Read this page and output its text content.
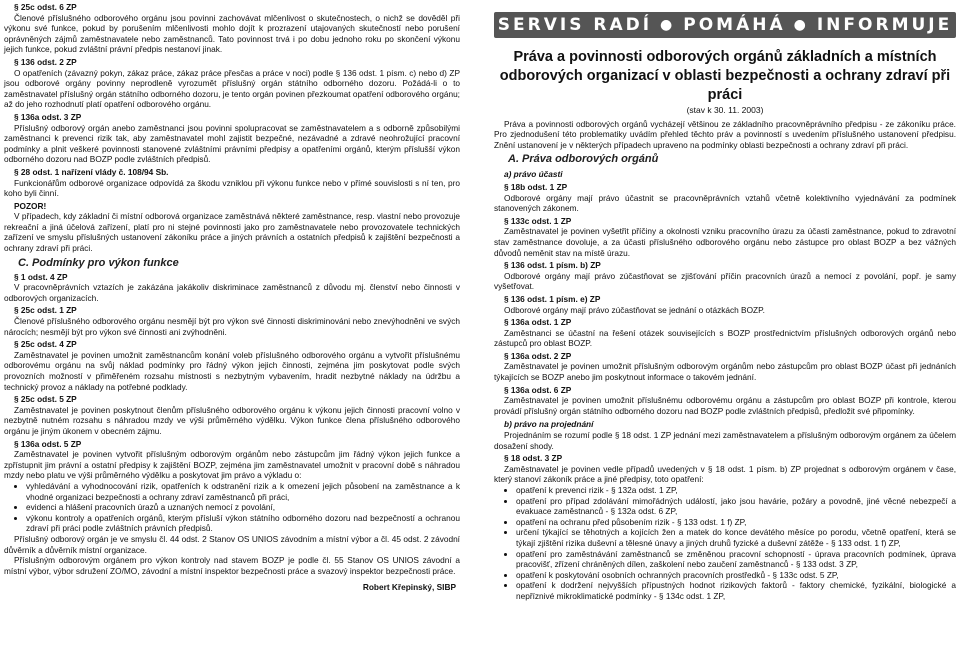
§ 25c odst. 6 ZP

Členové příslušného odborového orgánu jsou povinni zachovávat mlčenlivost o skutečnostech, o nichž se dověděl při výkonu své funkce, pokud by porušením mlčenlivosti mohlo dojít k prozrazení utajovaných skutečností nebo porušení oprávněných zájmů zaměstnavatele nebo zaměstnanců. Tato povinnost trvá i po dobu jednoho roku po skončení výkonu jejich funkce, pokud zvláštní právní předpis nestanoví jinak.

§ 136 odst. 2 ZP

O opatřeních (závazný pokyn, zákaz práce, zákaz práce přesčas a práce v noci) podle § 136 odst. 1 písm. c) nebo d) ZP jsou odborové orgány povinny neprodleně vyrozumět příslušný orgán státního odborného dozoru. Požádá-li o to zaměstnavatel příslušný orgán státního odborného dozoru, je tento orgán povinen přezkoumat opatření odborového orgánu; až do jeho rozhodnutí platí opatření odborového orgánu.

§ 136a odst. 3 ZP

Příslušný odborový orgán anebo zaměstnanci jsou povinni spolupracovat se zaměstnavatelem a s odborně způsobilými zaměstnanci k prevenci rizik tak, aby zaměstnavatel mohl zajistit bezpečné, nezávadné a zdravé neohrožující pracovní podmínky a plnit veškeré povinnosti stanovené zvláštními právními předpisy a opatřeními orgánů, kterým příslušší výkon odborného dozoru nad BOZP podle zvláštních předpisů.

§ 28 odst. 1 nařízení vlády č. 108/94 Sb.

Funkcionářům odborové organizace odpovídá za škodu vzniklou při výkonu funkce nebo v přímé souvislosti s ní ten, pro koho byli činní.

POZOR!

V případech, kdy základní či místní odborová organizace zaměstnává některé zaměstnance, resp. vlastní nebo provozuje rekreační a jiná účelová zařízení, platí pro ni stejné povinnosti jako pro zaměstnavatele nebo provozovatele technických zařízení ve smyslu příslušných ustanovení zákoníku práce a jiných právních a ostatních předpisů k zajištění bezpečnosti a ochrany zdraví při práci.

C. Podmínky pro výkon funkce

§ 1 odst. 4 ZP

V pracovněprávních vztazích je zakázána jakákoliv diskriminace zaměstnanců z důvodu mj. členství nebo činnosti v odborových organizacích.

§ 25c odst. 1 ZP

Členové příslušného odborového orgánu nesmějí být pro výkon své činnosti diskriminováni nebo znevýhodněni ve svých nárocích; nesmějí být pro výkon své činnosti ani zvýhodněni.

§ 25c odst. 4 ZP

Zaměstnavatel je povinen umožnit zaměstnancům konání voleb příslušného odborového orgánu a vytvořit příslušnému odborovému orgánu na svůj náklad podmínky pro řádný výkon jejich činnosti, zejména jim poskytovat podle svých provozních možností v přiměřeném rozsahu místnosti s nezbytným vybavením, hradit nezbytné náklady na údržbu a technický provoz a náklady na potřebné podklady.

§ 25c odst. 5 ZP

Zaměstnavatel je povinen poskytnout členům příslušného odborového orgánu k výkonu jejich činnosti pracovní volno v nezbytně nutném rozsahu s náhradou mzdy ve výši průměrného výdělku. Výkon funkce člena příslušného odborového orgánu je jiným úkonem v obecném zájmu.

§ 136a odst. 5 ZP

Zaměstnavatel je povinen vytvořit příslušným odborovým orgánům nebo zástupcům jim řádný výkon jejich funkce a zpřístupnit jim právní a ostatní předpisy k zajištění BOZP, zejména jim zaměstnavatel umožnit v pracovní době s náhradou mzdy nebo platu ve výši průměrného výdělku a poskytovat jim právo a výkladu o:

• vyhledávání a vyhodnocování rizik, opatřeních k odstranění rizik a k omezení jejich působení na zaměstnance a k vhodné organizaci bezpečnosti a ochrany zdraví zaměstnanců při práci,
• evidenci a hlášení pracovních úrazů a uznaných nemocí z povolání,
• výkonu kontroly a opatřeních orgánů, kterým přísluší výkon státního odborného dozoru nad bezpečností a ochranou zdraví při práci podle zvláštních právních předpisů.

Příslušný odborový orgán je ve smyslu čl. 44 odst. 2 Stanov OS UNIOS závodním a místní výbor a čl. 45 odst. 2 závodní důvěrník a důvěrník místní organizace.

Příslušným odborovým orgánem pro výkon kontroly nad stavem BOZP je podle čl. 55 Stanov OS UNIOS závodní a místní výbor, výbor sdružení ZO/MO, závodní a místní inspektor bezpečnosti práce a svazový inspektor bezpečnosti práce.

Robert Křepinský, SIBP

SERVIS RADÍ ● POMÁHÁ ● INFORMUJE

Práva a povinnosti odborových orgánů základních a místních odborových organizací v oblasti bezpečnosti a ochrany zdraví při práci

(stav k 30. 11. 2003)

Práva a povinnosti odborových orgánů vycházejí většinou ze základního pracovněprávního předpisu - ze zákoníku práce. Pro zjednodušení této problematiky uvádím přehled těchto práv a povinností s uvedením příslušného ustanovení předpisu. Znění ustanovení je v některých případech upraveno na podmínky oblasti bezpečnosti a ochrany zdraví při práci.

A. Práva odborových orgánů

a) právo účasti

§ 18b odst. 1 ZP

Odborové orgány mají právo účastnit se pracovněprávních vztahů včetně kolektivního vyjednávání za podmínek stanovených zákonem.

§ 133c odst. 1 ZP

Zaměstnavatel je povinen vyšetřit příčiny a okolnosti vzniku pracovního úrazu za účasti zaměstnance, pokud to zdravotní stav zaměstnance dovoluje, a za účasti příslušného odborového orgánu nebo zástupce pro oblast BOZP a bez vážných důvodů neměnit stav na místě úrazu.

§ 136 odst. 1 písm. b) ZP

Odborové orgány mají právo zúčastňovat se zjišťování příčin pracovních úrazů a nemocí z povolání, popř. je samy vyšetřovat.

§ 136 odst. 1 písm. e) ZP

Odborové orgány mají právo zúčastňovat se jednání o otázkách BOZP.

§ 136a odst. 1 ZP

Zaměstnanci se účastní na řešení otázek souvisejících s BOZP prostřednictvím příslušných odborových orgánů nebo zástupců pro oblast BOZP.

§ 136a odst. 2 ZP

Zaměstnavatel je povinen umožnit příslušným odborovým orgánům nebo zástupcům pro oblast BOZP účast při jednáních týkajících se BOZP anebo jim poskytnout informace o takovém jednání.

§ 136a odst. 6 ZP

Zaměstnavatel je povinen umožnit příslušnému odborovému orgánu a zástupcům pro oblast BOZP při kontrole, kterou provádí příslušný orgán státního odborného dozoru nad BOZP podle zvláštních předpisů, předložit své připomínky.

b) právo na projednání

Projednáním se rozumí podle § 18 odst. 1 ZP jednání mezi zaměstnavatelem a příslušným odborovým orgánem za účelem dosažení shody.

§ 18 odst. 3 ZP

Zaměstnavatel je povinen vedle případů uvedených v § 18 odst. 1 písm. b) ZP projednat s odborovým orgánem v čase, který stanoví zákoník práce a jiné předpisy, toto opatření:

• opatření k prevenci rizik - § 132a odst. 1 ZP,
• opatření pro případ zdolávání mimořádných událostí, jako jsou havárie, požáry a povodně, jiné věcné nebezpečí a evakuace zaměstnanců - § 132a odst. 6 ZP,
• opatření na ochranu před působením rizik - § 133 odst. 1 f) ZP,
• určení týkající se těhotných a kojících žen a matek do konce devátého měsíce po porodu, včetně opatření, která se týkají zjištění rizika duševní a tělesné únavy a jiných druhů fyzické a duševní zátěže - § 133 odst. 1 f) ZP,
• opatření pro zaměstnávání zaměstnanců se změněnou pracovní schopností - úprava pracovních podmínek, úprava pracovišť, zřízení chráněných dílen, zaškolení nebo zaučení zaměstnanců - § 133 odst. 3 ZP,
• opatření k poskytování osobních ochranných pracovních prostředků - § 133c odst. 5 ZP,
• opatření k dodržení nejvyšších přípustných hodnot rizikových faktorů - faktory chemické, fyzikální, biologické a nepříznivé mikroklimatické podmínky - § 134c odst. 1 ZP,
